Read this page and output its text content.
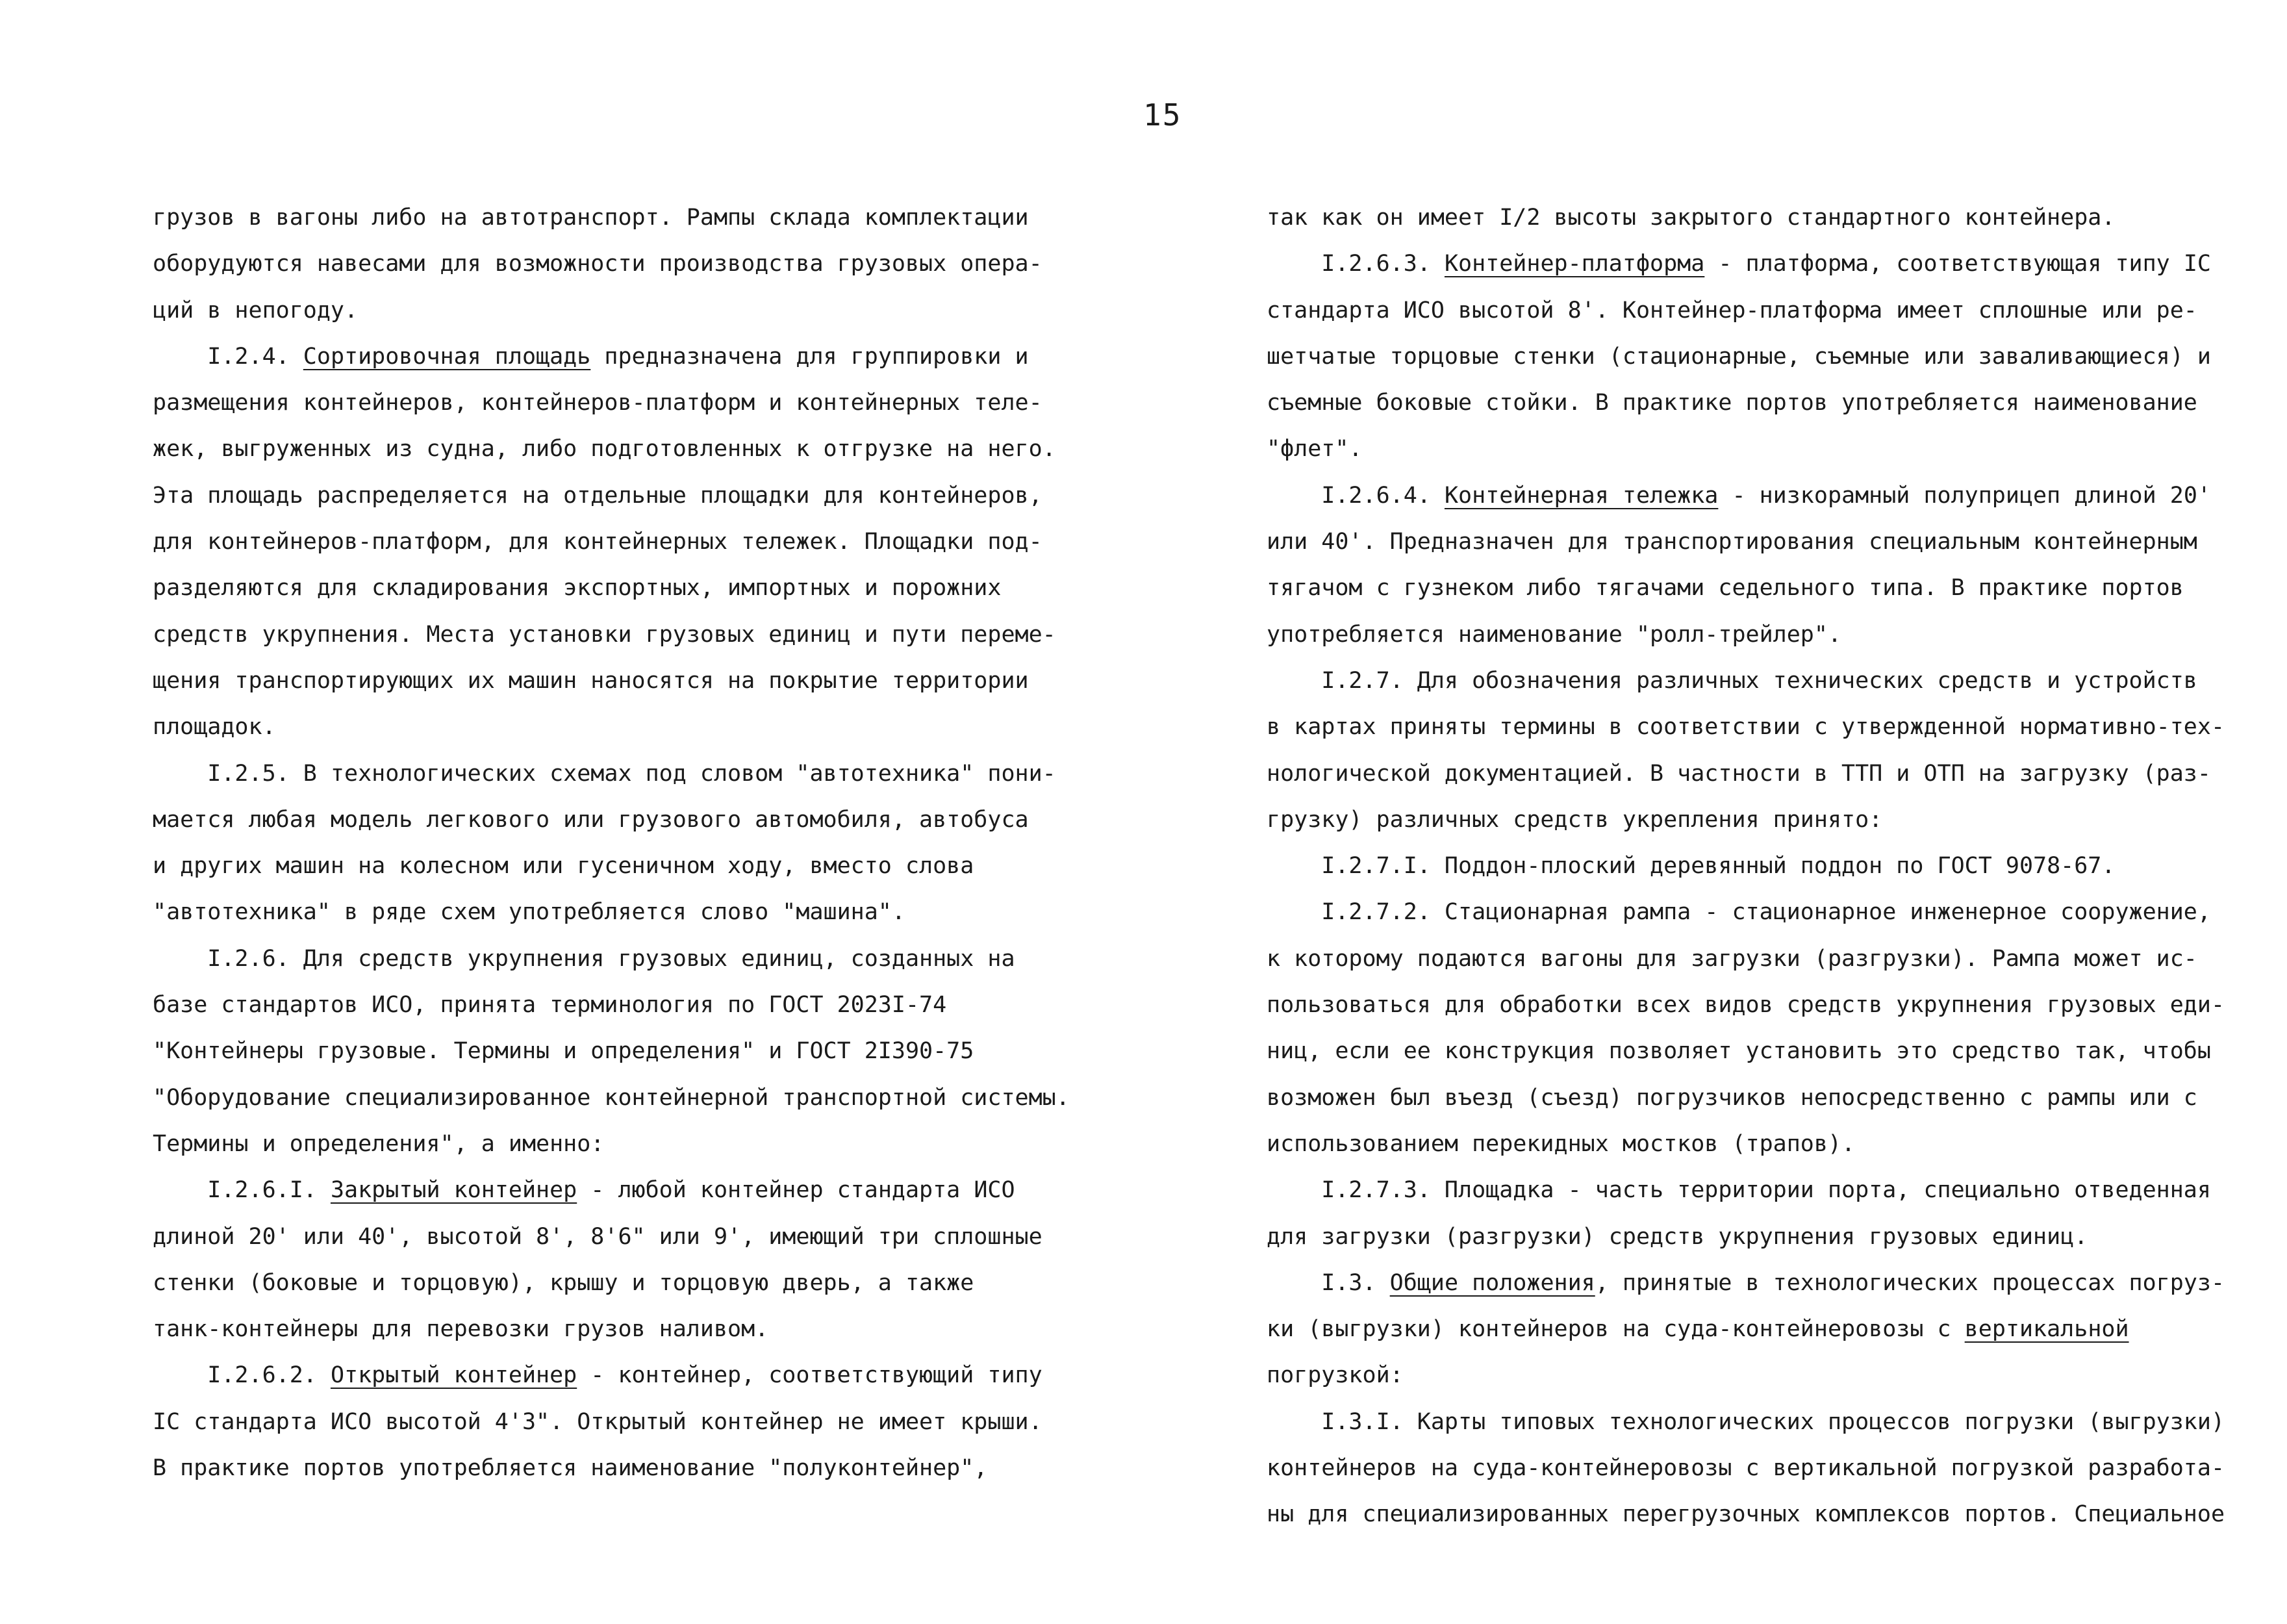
15
грузов в вагоны либо на автотранспорт. Рампы склада комплектации
оборудуются навесами для возможности производства грузовых опера-
ций в непогоду.
I.2.4. Сортировочная площадь предназначена для группировки и
размещения контейнеров, контейнеров-платформ и контейнерных теле-
жек, выгруженных из судна, либо подготовленных к отгрузке на него.
Эта площадь распределяется на отдельные площадки для контейнеров,
для контейнеров-платформ, для контейнерных тележек. Площадки под-
разделяются для складирования экспортных, импортных и порожних
средств укрупнения. Места установки грузовых единиц и пути переме-
щения транспортирующих их машин наносятся на покрытие территории
площадок.
I.2.5. В технологических схемах под словом "автотехника" пони-
мается любая модель легкового или грузового автомобиля, автобуса
и других машин на колесном или гусеничном ходу, вместо слова
"автотехника" в ряде схем употребляется слово "машина".
I.2.6. Для средств укрупнения грузовых единиц, созданных на
базе стандартов ИСО, принята терминология по ГОСТ 2023I-74
"Контейнеры грузовые. Термины и определения" и ГОСТ 2I390-75
"Оборудование специализированное контейнерной транспортной системы.
Термины и определения", а именно:
I.2.6.I. Закрытый контейнер - любой контейнер стандарта ИСО
длиной 20' или 40', высотой 8', 8'6" или 9', имеющий три сплошные
стенки (боковые и торцовую), крышу и торцовую дверь, а также
танк-контейнеры для перевозки грузов наливом.
I.2.6.2. Открытый контейнер - контейнер, соответствующий типу
IC стандарта ИСО высотой 4'3". Открытый контейнер не имеет крыши.
В практике портов употребляется наименование "полуконтейнер",
так как он имеет I/2 высоты закрытого стандартного контейнера.
I.2.6.3. Контейнер-платформа - платформа, соответствующая типу IC
стандарта ИСО высотой 8'. Контейнер-платформа имеет сплошные или ре-
шетчатые торцовые стенки (стационарные, съемные или заваливающиеся) и
съемные боковые стойки. В практике портов употребляется наименование
"флет".
I.2.6.4. Контейнерная тележка - низкорамный полуприцеп длиной 20'
или 40'. Предназначен для транспортирования специальным контейнерным
тягачом с гузнеком либо тягачами седельного типа. В практике портов
употребляется наименование "ролл-трейлер".
I.2.7. Для обозначения различных технических средств и устройств
в картах приняты термины в соответствии с утвержденной нормативно-тех-
нологической документацией. В частности в ТТП и ОТП на загрузку (раз-
грузку) различных средств укрепления принято:
I.2.7.I. Поддон-плоский деревянный поддон по ГОСТ 9078-67.
I.2.7.2. Стационарная рампа - стационарное инженерное сооружение,
к которому подаются вагоны для загрузки (разгрузки). Рампа может ис-
пользоваться для обработки всех видов средств укрупнения грузовых еди-
ниц, если ее конструкция позволяет установить это средство так, чтобы
возможен был въезд (съезд) погрузчиков непосредственно с рампы или с
использованием перекидных мостков (трапов).
I.2.7.3. Площадка - часть территории порта, специально отведенная
для загрузки (разгрузки) средств укрупнения грузовых единиц.
I.3. Общие положения, принятые в технологических процессах погруз-
ки (выгрузки) контейнеров на суда-контейнеровозы с вертикальной
погрузкой:
I.3.I. Карты типовых технологических процессов погрузки (выгрузки)
контейнеров на суда-контейнеровозы с вертикальной погрузкой разработа-
ны для специализированных перегрузочных комплексов портов. Специальное
